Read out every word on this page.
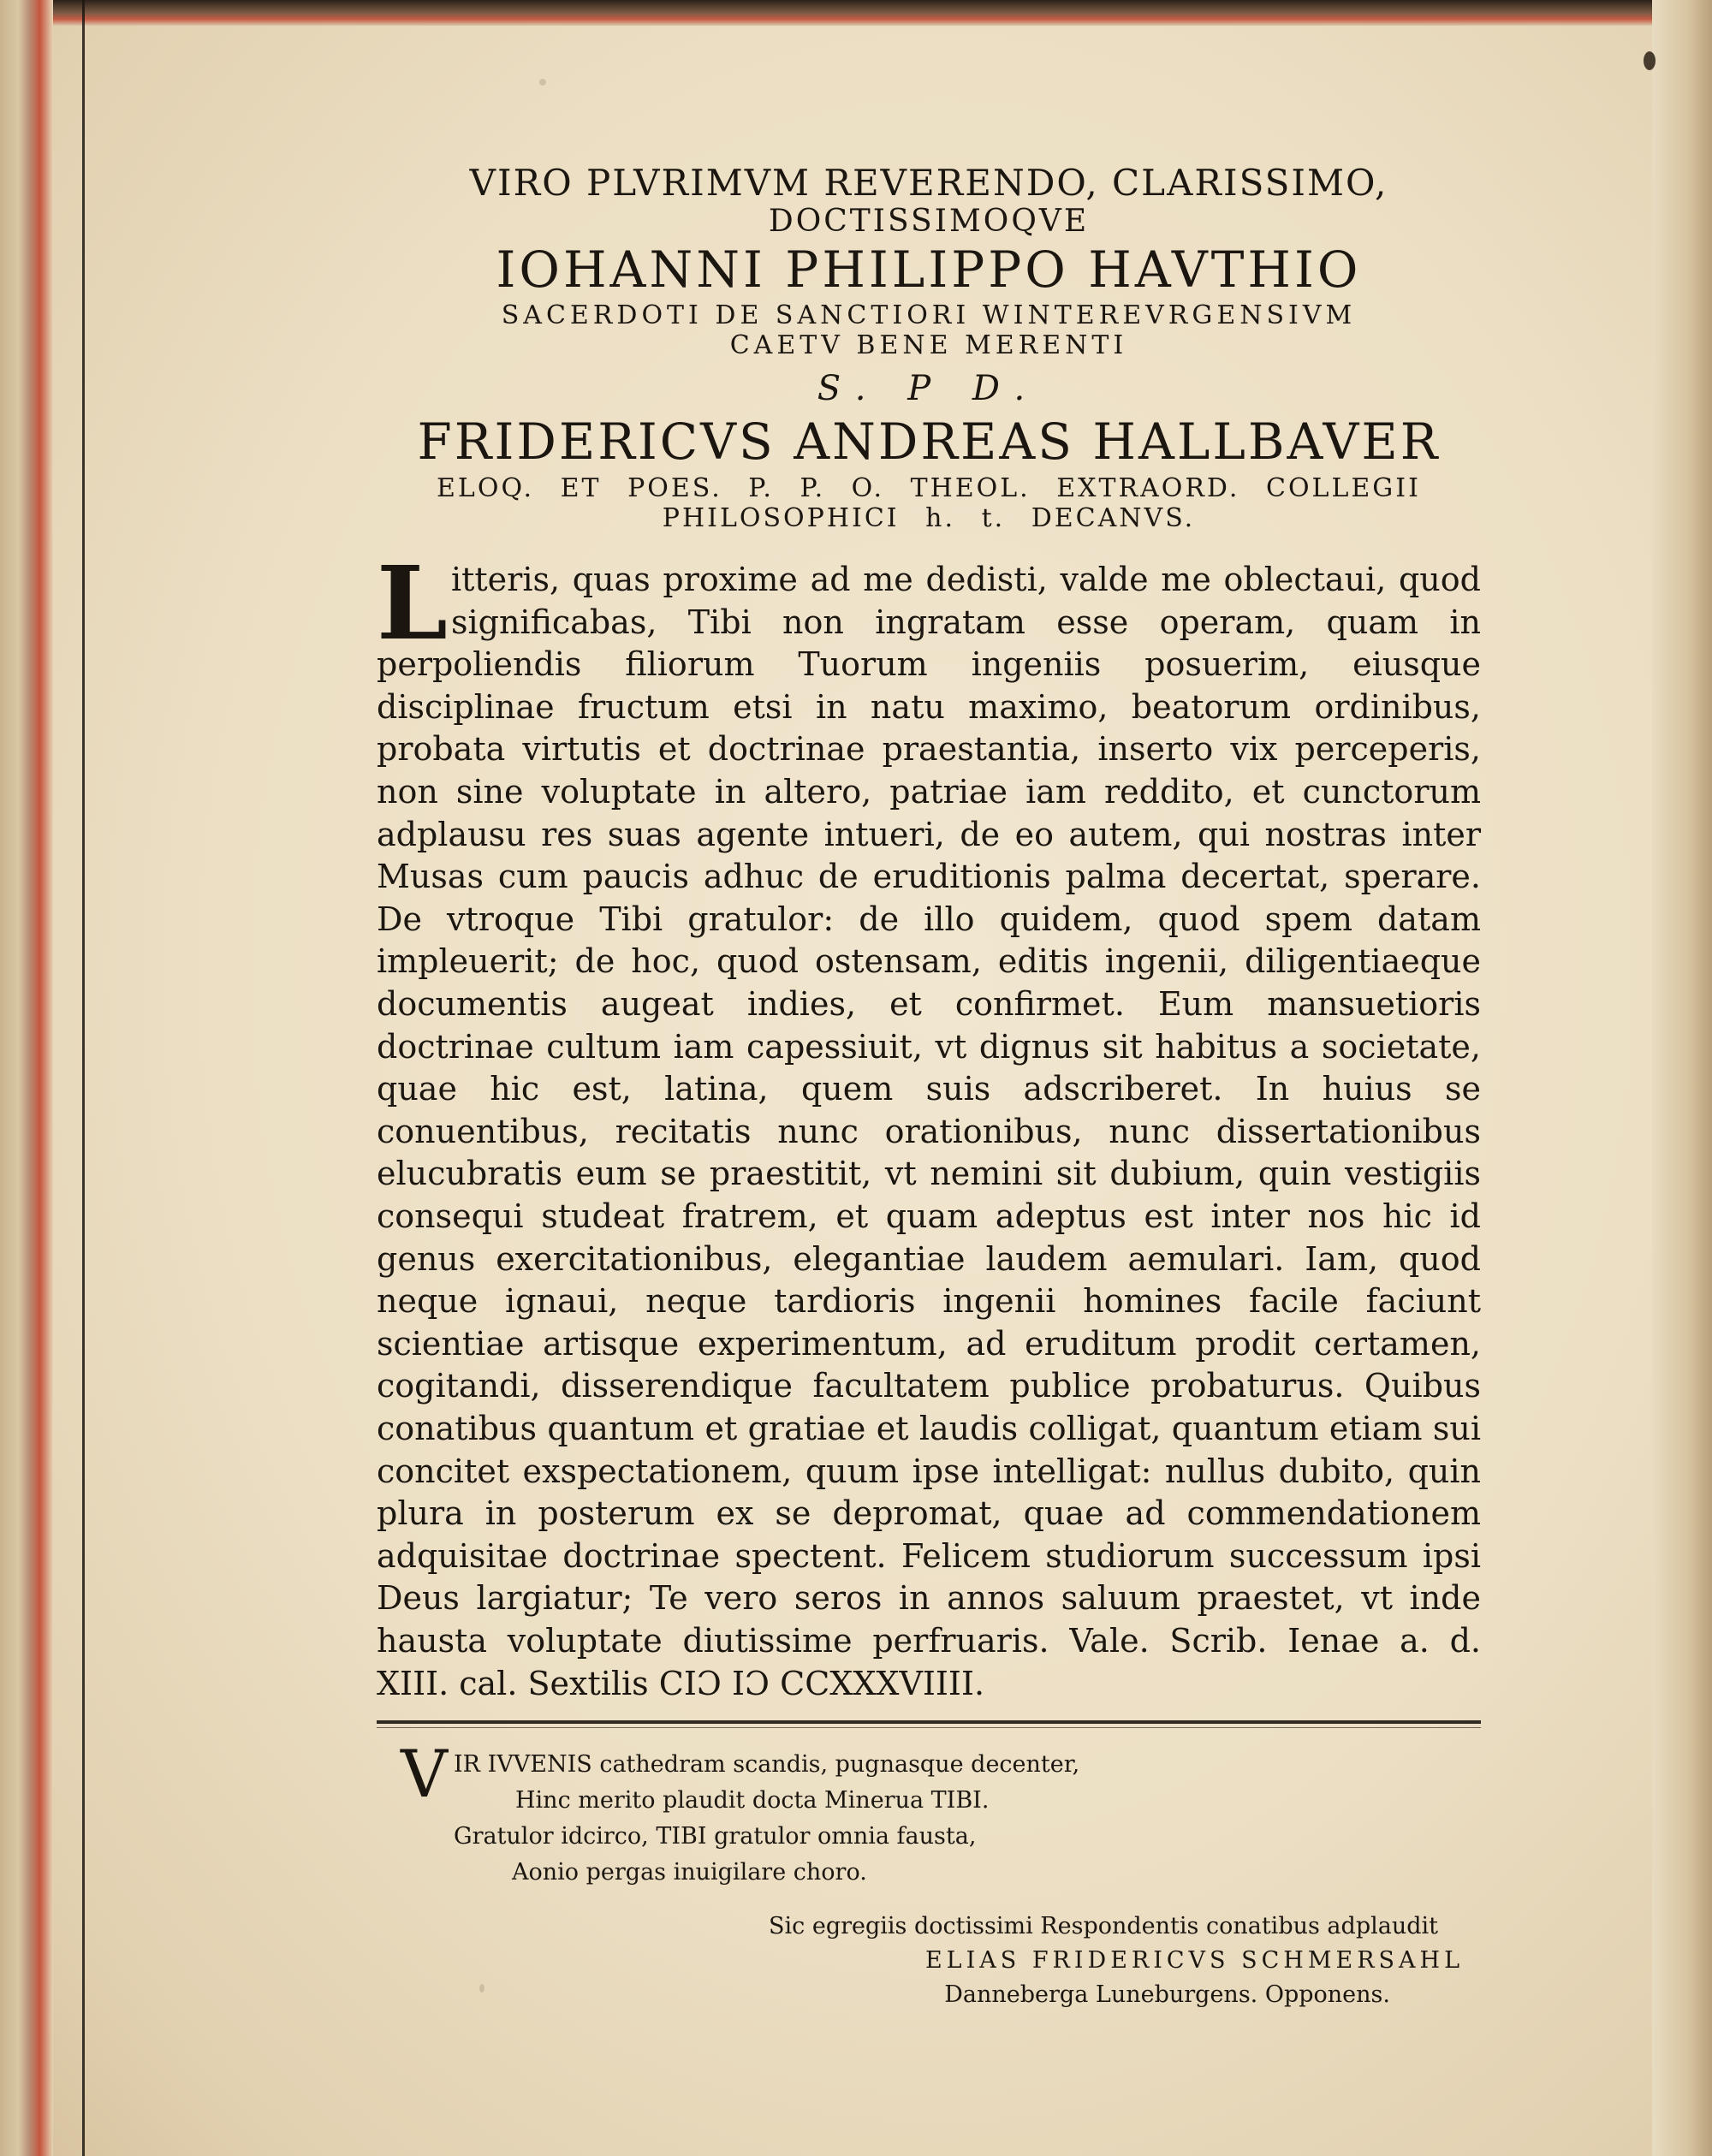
VIRO PLVRIMVM REVERENDO, CLARISSIMO,
DOCTISSIMOQVE
IOHANNI PHILIPPO HAVTHIO
SACERDOTI DE SANCTIORI WINTEREVRGENSIVM
CAETV BENE MERENTI
S. P D.
FRIDERICVS ANDREAS HALLBAVER
ELOQ. ET POES. P. P. O. THEOL. EXTRAORD. COLLEGII
PHILOSOPHICI h. t. DECANVS.
L itteris, quas proxime ad me dedisti, valde me oblectaui, quod significabas, Tibi non ingratam esse operam, quam in perpoliendis filiorum Tuorum ingeniis posuerim, eiusque disciplinae fructum etsi in natu maximo, beatorum ordinibus, probata virtutis et doctrinae praestantia, inserto vix perceperis, non sine voluptate in altero, patriae iam reddito, et cunctorum adplausu res suas agente intueri, de eo autem, qui nostras inter Musas cum paucis adhuc de eruditionis palma decertat, sperare. De vtroque Tibi gratulor: de illo quidem, quod spem datam impleuerit; de hoc, quod ostensam, editis ingenii, diligentiaeque documentis augeat indies, et confirmet. Eum mansuetioris doctrinae cultum iam capessiuit, vt dignus sit habitus a societate, quae hic est, latina, quem suis adscriberet. In huius se conuentibus, recitatis nunc orationibus, nunc dissertationibus elucubratis eum se praestitit, vt nemini sit dubium, quin vestigiis consequi studeat fratrem, et quam adeptus est inter nos hic id genus exercitationibus, elegantiae laudem aemulari. Iam, quod neque ignaui, neque tardioris ingenii homines facile faciunt scientiae artisque experimentum, ad eruditum prodit certamen, cogitandi, disserendique facultatem publice probaturus. Quibus conatibus quantum et gratiae et laudis colligat, quantum etiam sui concitet exspectationem, quum ipse intelligat: nullus dubito, quin plura in posterum ex se depromat, quae ad commendationem adquisitae doctrinae spectent. Felicem studiorum successum ipsi Deus largiatur; Te vero seros in annos saluum praestet, vt inde hausta voluptate diutissime perfruaris. Vale. Scrib. Ienae a. d. XIII. cal. Sextilis CIƆ IƆ CCXXXVIIII.

V IR IVVENIS cathedram scandis, pugnasque decenter,
Hinc merito plaudit docta Minerua TIBI.
Gratulor idcirco, TIBI gratulor omnia fausta,
Aonio pergas inuigilare choro.
Sic egregiis doctissimi Respondentis conatibus adplaudit
ELIAS FRIDERICVS SCHMERSAHL
Danneberga Luneburgens. Opponens.
